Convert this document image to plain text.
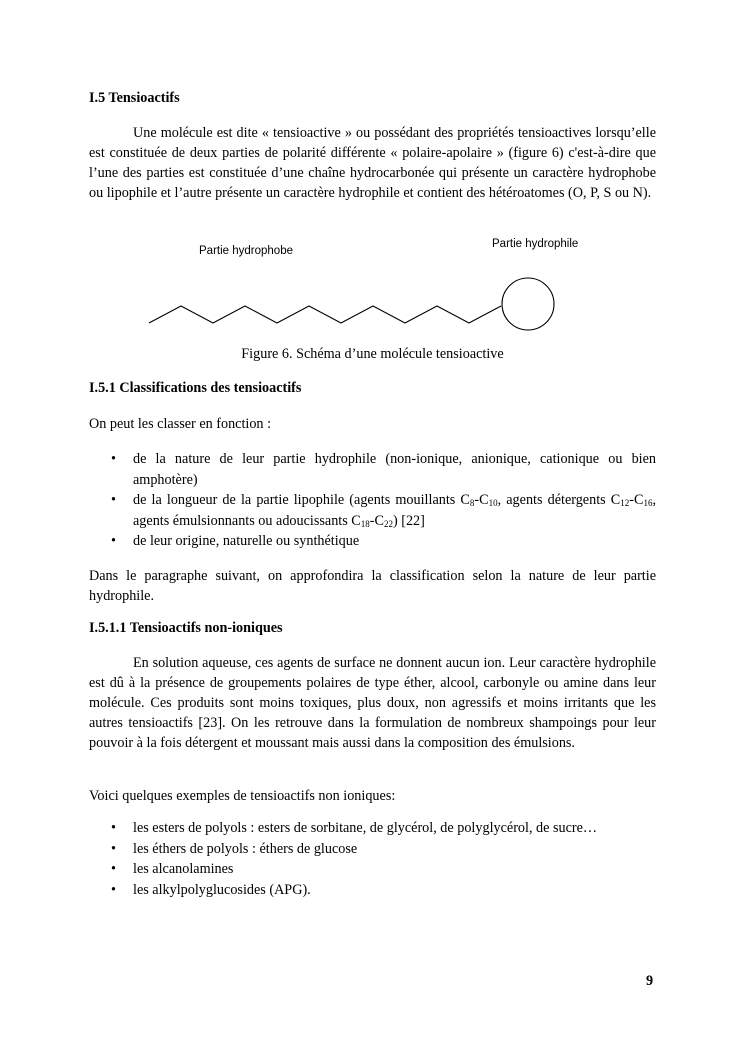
I.5 Tensioactifs

Une molécule est dite « tensioactive » ou possédant des propriétés tensioactives lorsqu’elle est constituée de deux parties de polarité différente « polaire-apolaire » (figure 6) c'est-à-dire que l’une des parties est constituée d’une chaîne hydrocarbonée qui présente un caractère hydrophobe ou lipophile et l’autre présente un caractère hydrophile et contient des hétéroatomes (O, P, S ou N).

Partie hydrophobe
Partie hydrophile
Figure 6. Schéma d’une molécule tensioactive
I.5.1 Classifications des tensioactifs

On peut les classer en fonction :

• de la nature de leur partie hydrophile (non-ionique, anionique, cationique ou bien amphotère)
• de la longueur de la partie lipophile (agents mouillants $C_8-C_{10}$, agents détergents $C_{12}-C_{16}$, agents émulsionnants ou adoucissants $C_{18}-C_{22}$) [22]
• de leur origine, naturelle ou synthétique

Dans le paragraphe suivant, on approfondira la classification selon la nature de leur partie hydrophile.

I.5.1.1 Tensioactifs non-ioniques

En solution aqueuse, ces agents de surface ne donnent aucun ion. Leur caractère hydrophile est dû à la présence de groupements polaires de type éther, alcool, carbonyle ou amine dans leur molécule. Ces produits sont moins toxiques, plus doux, non agressifs et moins irritants que les autres tensioactifs [23]. On les retrouve dans la formulation de nombreux shampoings pour leur pouvoir à la fois détergent et moussant mais aussi dans la composition des émulsions.

Voici quelques exemples de tensioactifs non ioniques:

• les esters de polyols : esters de sorbitane, de glycérol, de polyglycérol, de sucre…
• les éthers de polyols : éthers de glucose
• les alcanolamines
• les alkylpolyglucosides (APG).
9
